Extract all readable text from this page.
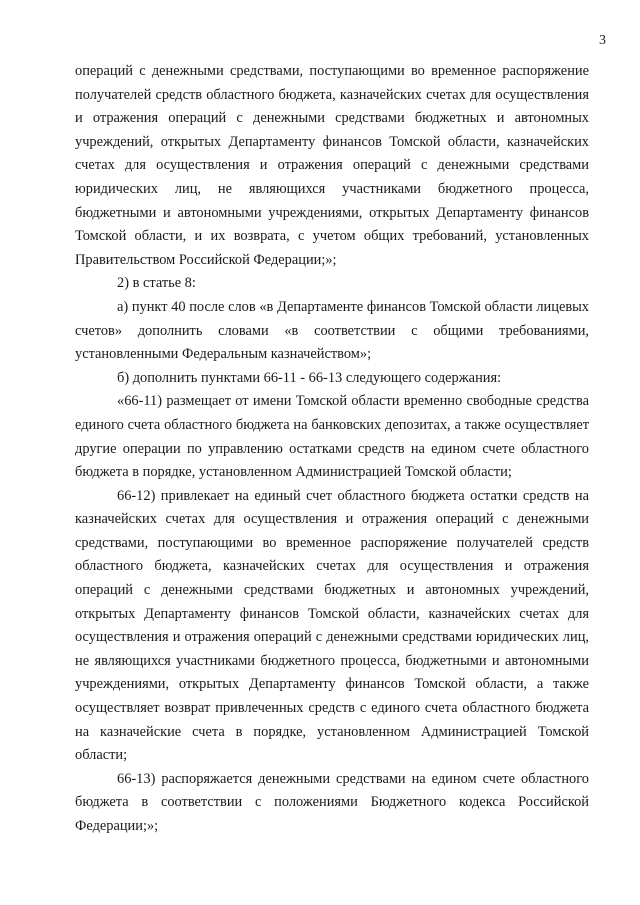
3

операций с денежными средствами, поступающими во временное распоряжение получателей средств областного бюджета, казначейских счетах для осуществления и отражения операций с денежными средствами бюджетных и автономных учреждений, открытых Департаменту финансов Томской области, казначейских счетах для осуществления и отражения операций с денежными средствами юридических лиц, не являющихся участниками бюджетного процесса, бюджетными и автономными учреждениями, открытых Департаменту финансов Томской области, и их возврата, с учетом общих требований, установленных Правительством Российской Федерации;»;

2) в статье 8:

а) пункт 40 после слов «в Департаменте финансов Томской области лицевых счетов» дополнить словами «в соответствии с общими требованиями, установленными Федеральным казначейством»;

б) дополнить пунктами 66-11 - 66-13 следующего содержания:

«66-11) размещает от имени Томской области временно свободные средства единого счета областного бюджета на банковских депозитах, а также осуществляет другие операции по управлению остатками средств на едином счете областного бюджета в порядке, установленном Администрацией Томской области;

66-12) привлекает на единый счет областного бюджета остатки средств на казначейских счетах для осуществления и отражения операций с денежными средствами, поступающими во временное распоряжение получателей средств областного бюджета, казначейских счетах для осуществления и отражения операций с денежными средствами бюджетных и автономных учреждений, открытых Департаменту финансов Томской области, казначейских счетах для осуществления и отражения операций с денежными средствами юридических лиц, не являющихся участниками бюджетного процесса, бюджетными и автономными учреждениями, открытых Департаменту финансов Томской области, а также осуществляет возврат привлеченных средств с единого счета областного бюджета на казначейские счета в порядке, установленном Администрацией Томской области;

66-13) распоряжается денежными средствами на едином счете областного бюджета в соответствии с положениями Бюджетного кодекса Российской Федерации;»;
